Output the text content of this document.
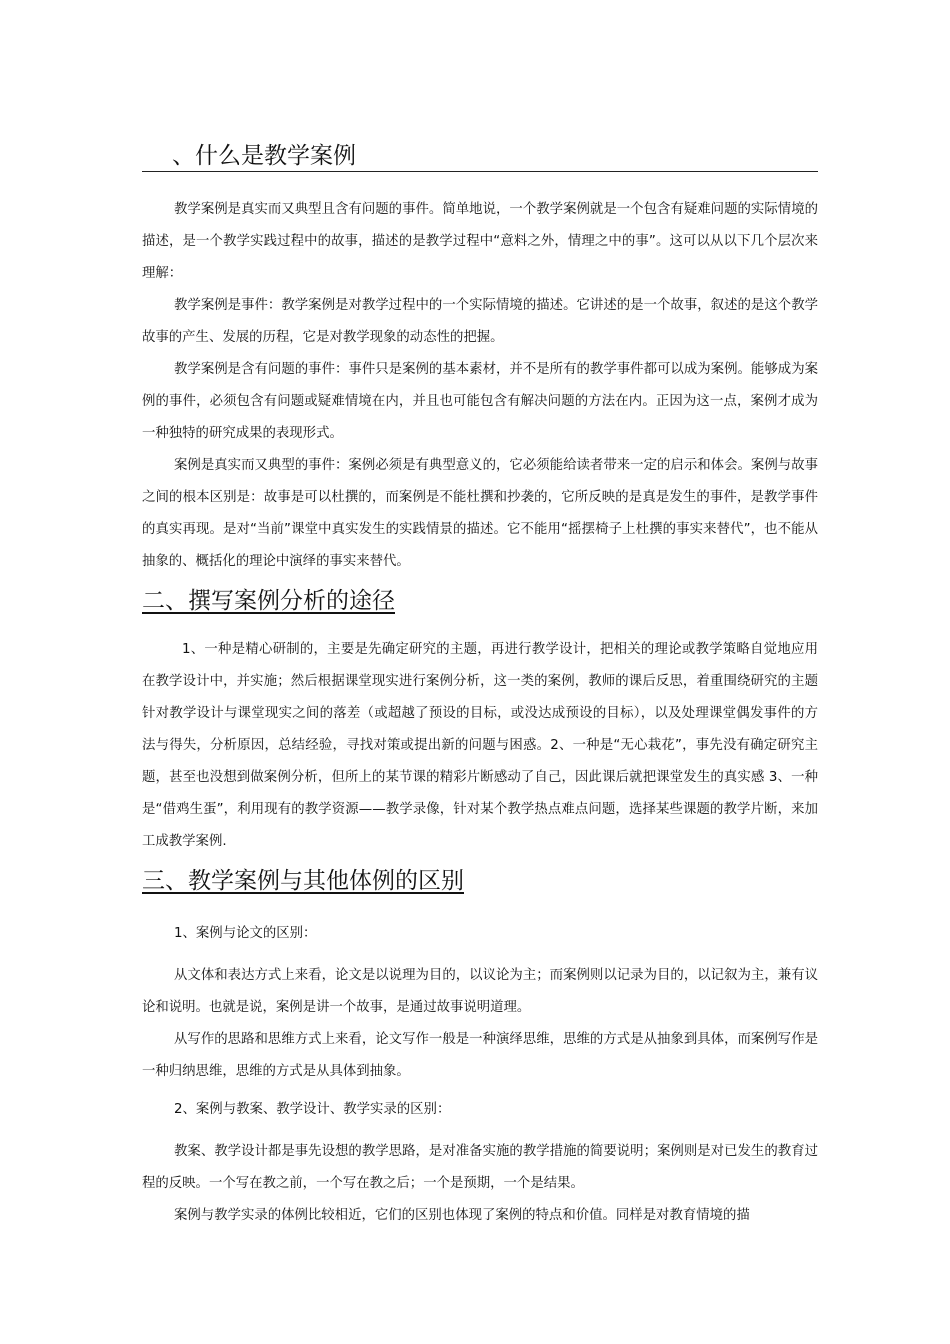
、什么是教学案例

教学案例是真实而又典型且含有问题的事件。简单地说，一个教学案例就是一个包含有疑难问题的实际情境的描述，是一个教学实践过程中的故事，描述的是教学过程中“意料之外，情理之中的事”。这可以从以下几个层次来理解：

教学案例是事件：教学案例是对教学过程中的一个实际情境的描述。它讲述的是一个故事，叙述的是这个教学故事的产生、发展的历程，它是对教学现象的动态性的把握。

教学案例是含有问题的事件：事件只是案例的基本素材，并不是所有的教学事件都可以成为案例。能够成为案例的事件，必须包含有问题或疑难情境在内，并且也可能包含有解决问题的方法在内。正因为这一点，案例才成为一种独特的研究成果的表现形式。

案例是真实而又典型的事件：案例必须是有典型意义的，它必须能给读者带来一定的启示和体会。案例与故事之间的根本区别是：故事是可以杜撰的，而案例是不能杜撰和抄袭的，它所反映的是真是发生的事件，是教学事件的真实再现。是对“当前”课堂中真实发生的实践情景的描述。它不能用“摇摆椅子上杜撰的事实来替代”，也不能从抽象的、概括化的理论中演绎的事实来替代。

二、撰写案例分析的途径

1、一种是精心研制的，主要是先确定研究的主题，再进行教学设计，把相关的理论或教学策略自觉地应用在教学设计中，并实施；然后根据课堂现实进行案例分析，这一类的案例，教师的课后反思，着重围绕研究的主题针对教学设计与课堂现实之间的落差（或超越了预设的目标，或没达成预设的目标），以及处理课堂偶发事件的方法与得失，分析原因，总结经验，寻找对策或提出新的问题与困惑。2、一种是“无心栽花”，事先没有确定研究主题，甚至也没想到做案例分析，但所上的某节课的精彩片断感动了自己，因此课后就把课堂发生的真实感 3、一种是“借鸡生蛋”，利用现有的教学资源——教学录像，针对某个教学热点难点问题，选择某些课题的教学片断，来加工成教学案例.

三、教学案例与其他体例的区别
1、案例与论文的区别：

从文体和表达方式上来看，论文是以说理为目的，以议论为主；而案例则以记录为目的，以记叙为主，兼有议论和说明。也就是说，案例是讲一个故事，是通过故事说明道理。

从写作的思路和思维方式上来看，论文写作一般是一种演绎思维，思维的方式是从抽象到具体，而案例写作是一种归纳思维，思维的方式是从具体到抽象。

2、案例与教案、教学设计、教学实录的区别：

教案、教学设计都是事先设想的教学思路，是对准备实施的教学措施的简要说明；案例则是对已发生的教育过程的反映。一个写在教之前，一个写在教之后；一个是预期，一个是结果。

案例与教学实录的体例比较相近，它们的区别也体现了案例的特点和价值。同样是对教育情境的描
